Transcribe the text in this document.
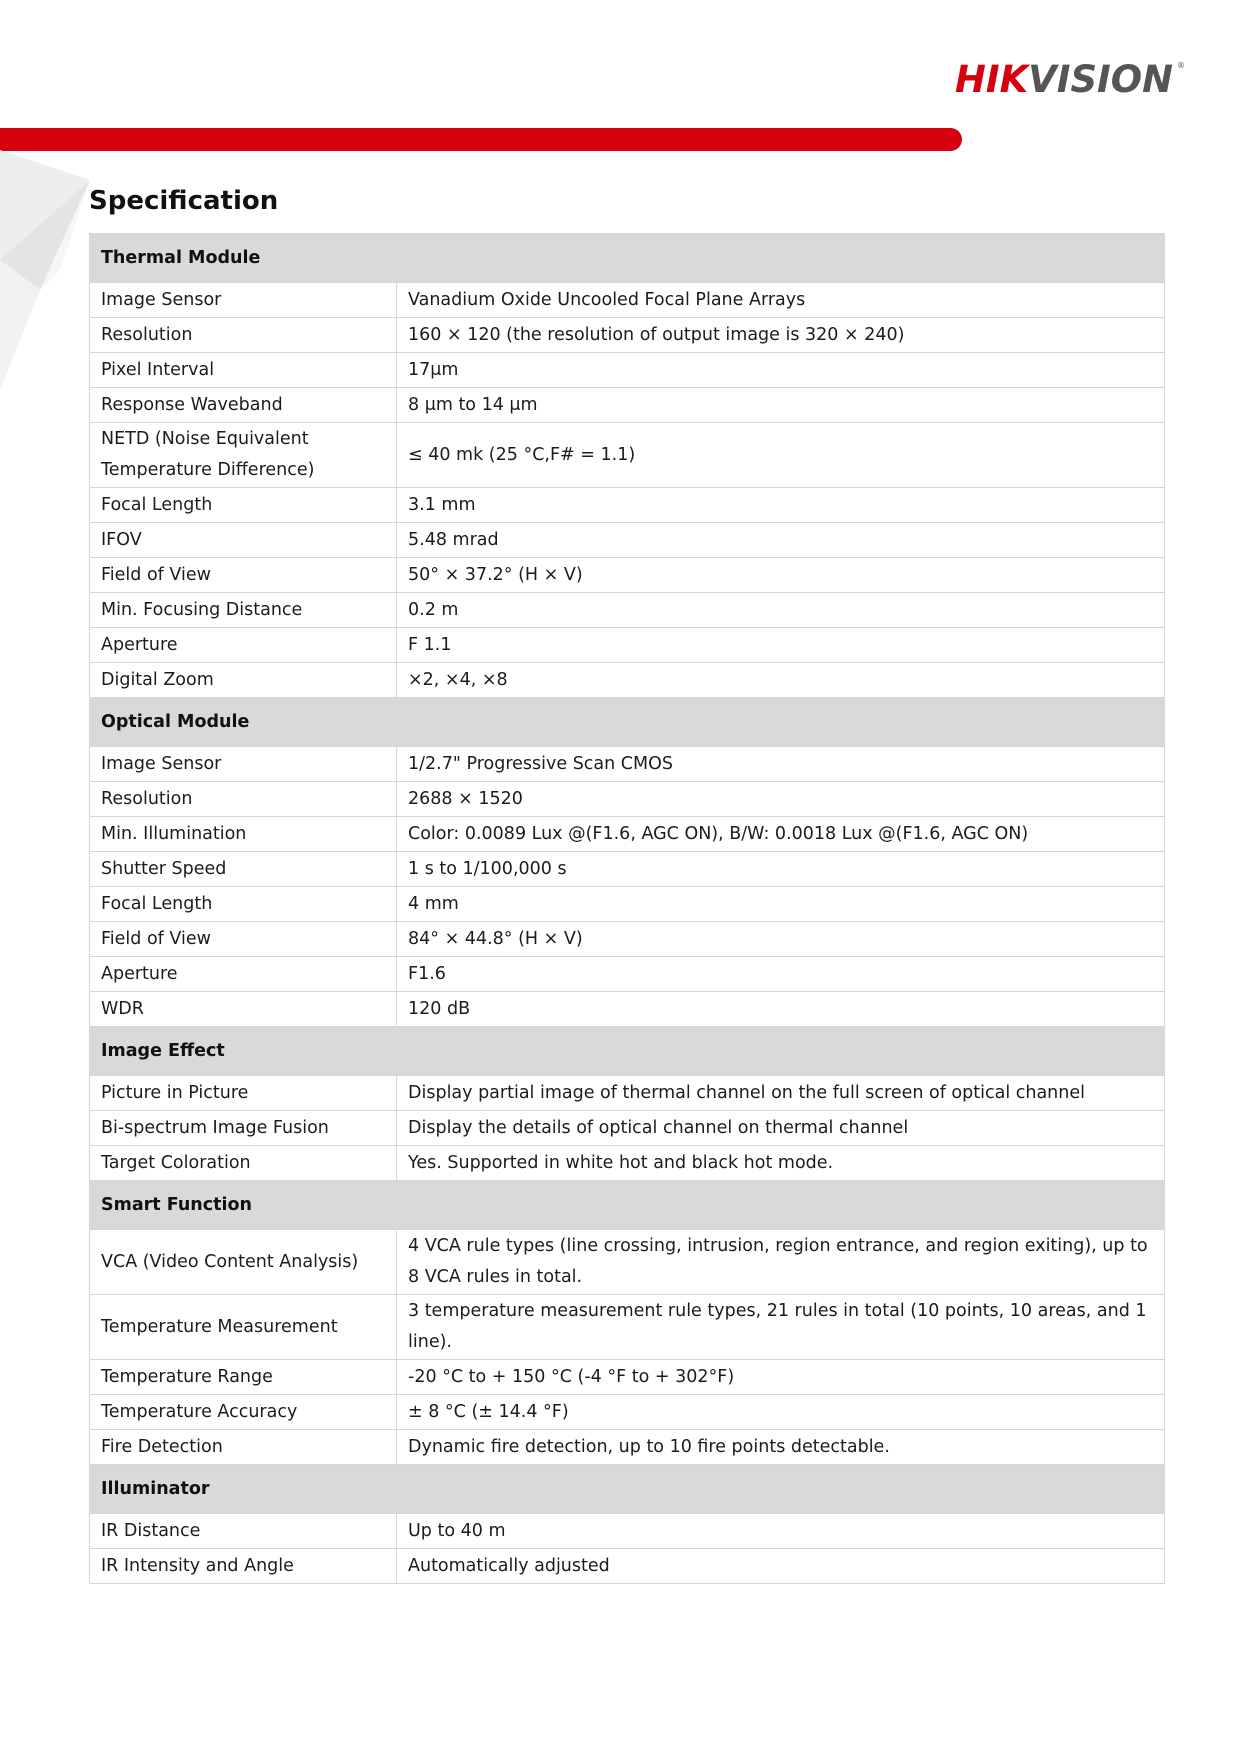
HIKVISION ®
Specification
Thermal Module	
Image Sensor	Vanadium Oxide Uncooled Focal Plane Arrays
Resolution	160 × 120 (the resolution of output image is 320 × 240)
Pixel Interval	17μm
Response Waveband	8 μm to 14 μm
NETD (Noise Equivalent Temperature Difference)	≤ 40 mk (25 °C,F# = 1.1)
Focal Length	3.1 mm
IFOV	5.48 mrad
Field of View	50° × 37.2° (H × V)
Min. Focusing Distance	0.2 m
Aperture	F 1.1
Digital Zoom	×2, ×4, ×8
Optical Module	
Image Sensor	1/2.7" Progressive Scan CMOS
Resolution	2688 × 1520
Min. Illumination	Color: 0.0089 Lux @(F1.6, AGC ON), B/W: 0.0018 Lux @(F1.6, AGC ON)
Shutter Speed	1 s to 1/100,000 s
Focal Length	4 mm
Field of View	84° × 44.8° (H × V)
Aperture	F1.6
WDR	120 dB
Image Effect	
Picture in Picture	Display partial image of thermal channel on the full screen of optical channel
Bi-spectrum Image Fusion	Display the details of optical channel on thermal channel
Target Coloration	Yes. Supported in white hot and black hot mode.
Smart Function	
VCA (Video Content Analysis)	4 VCA rule types (line crossing, intrusion, region entrance, and region exiting), up to 8 VCA rules in total.
Temperature Measurement	3 temperature measurement rule types, 21 rules in total (10 points, 10 areas, and 1 line).
Temperature Range	-20 °C to + 150 °C (-4 °F to + 302°F)
Temperature Accuracy	± 8 °C (± 14.4 °F)
Fire Detection	Dynamic fire detection, up to 10 fire points detectable.
Illuminator	
IR Distance	Up to 40 m
IR Intensity and Angle	Automatically adjusted
